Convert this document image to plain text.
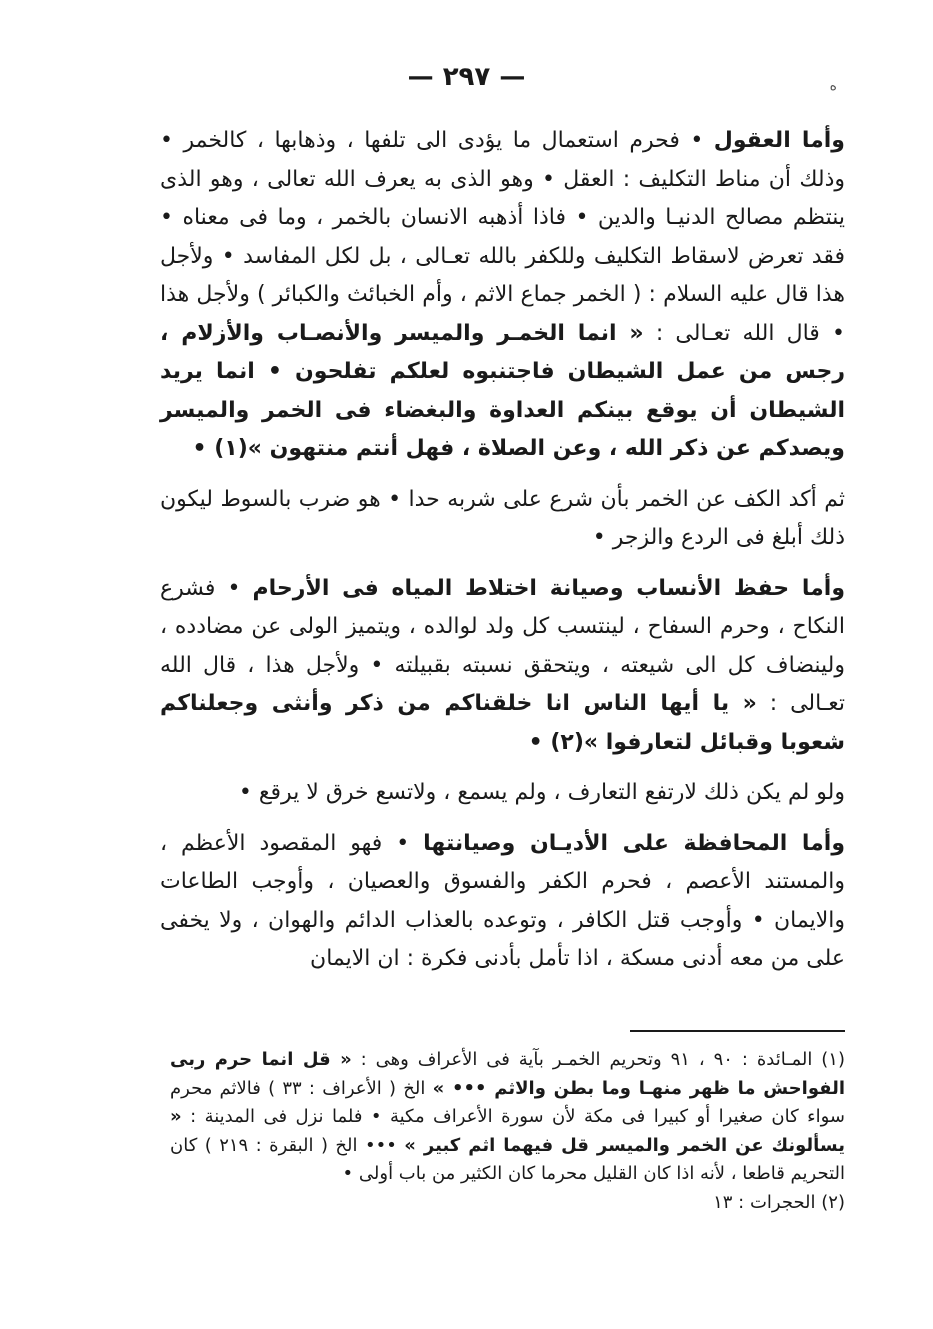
ﻩ
— ٢٩٧ —

وأما العقول • فحرم استعمال ما يؤدى الى تلفها ، وذهابها ، كالخمر • وذلك أن مناط التكليف : العقل • وهو الذى به يعرف الله تعالى ، وهو الذى ينتظم مصالح الدنيـا والدين • فاذا أذهبه الانسان بالخمر ، وما فى معناه • فقد تعرض لاسقاط التكليف وللكفر بالله تعـالى ، بل لكل المفاسد • ولأجل هذا قال عليه السلام : ( الخمر جماع الاثم ، وأم الخبائث والكبائر ) ولأجل هذا • قال الله تعـالى : « انما الخمـر والميسر والأنصـاب والأزلام ، رجس من عمل الشيطان فاجتنبوه لعلكم تفلحون • انما يريد الشيطان أن يوقع بينكم العداوة والبغضاء فى الخمر والميسر ويصدكم عن ذكر الله ، وعن الصلاة ، فهل أنتم منتهون »(١) •

ثم أكد الكف عن الخمر بأن شرع على شربه حدا • هو ضرب بالسوط ليكون ذلك أبلغ فى الردع والزجر •

وأما حفظ الأنساب وصيانة اختلاط المياه فى الأرحام • فشرع النكاح ، وحرم السفاح ، لينتسب كل ولد لوالده ، ويتميز الولى عن مضادده ، ولينضاف كل الى شيعته ، ويتحقق نسبته بقبيلته • ولأجل هذا ، قال الله تعـالى : « يا أيها الناس انا خلقناكم من ذكر وأنثى وجعلناكم شعوبا وقبائل لتعارفوا »(٢) •

ولو لم يكن ذلك لارتفع التعارف ، ولم يسمع ، ولاتسع خرق لا يرقع •

وأما المحافظة على الأديـان وصيانتها • فهو المقصود الأعظم ، والمستند الأعصم ، فحرم الكفر والفسوق والعصيان ، وأوجب الطاعات والايمان • وأوجب قتل الكافر ، وتوعده بالعذاب الدائم والهوان ، ولا يخفى على من معه أدنى مسكة ، اذا تأمل بأدنى فكرة : ان الايمان

(١) المـائدة : ٩٠ ، ٩١ وتحريم الخمـر بآية فى الأعراف وهى : « قل انما حرم ربى الفواحش ما ظهر منهـا وما بطن والاثم ••• » الخ ( الأعراف : ٣٣ ) فالاثم محرم سواء كان صغيرا أو كبيرا فى مكة لأن سورة الأعراف مكية • فلما نزل فى المدينة : « يسألونك عن الخمر والميسر قل فيهما اثم كبير » ••• الخ ( البقرة : ٢١٩ ) كان التحريم قاطعا ، لأنه اذا كان القليل محرما كان الكثير من باب أولى •

(٢) الحجرات : ١٣
